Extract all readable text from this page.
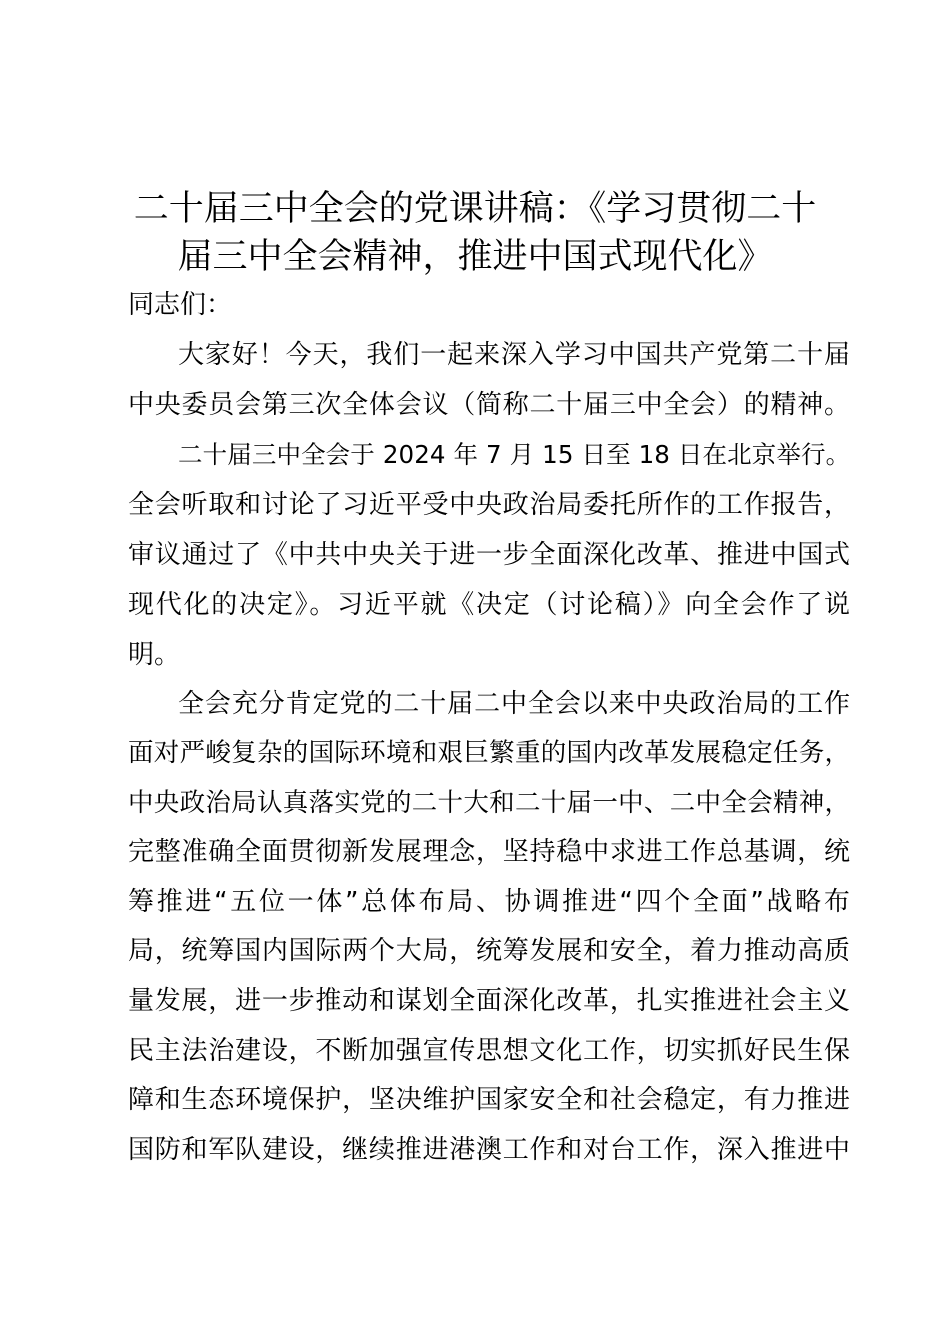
二十届三中全会的党课讲稿：《学习贯彻二十
届三中全会精神，推进中国式现代化》
同志们：
大家好！今天，我们一起来深入学习中国共产党第二十届
中央委员会第三次全体会议（简称二十届三中全会）的精神。
二十届三中全会于 2024 年 7 月 15 日至 18 日在北京举行。
全会听取和讨论了习近平受中央政治局委托所作的工作报告，
审议通过了《中共中央关于进一步全面深化改革、推进中国式
现代化的决定》。习近平就《决定（讨论稿）》向全会作了说
明。
全会充分肯定党的二十届二中全会以来中央政治局的工作
面对严峻复杂的国际环境和艰巨繁重的国内改革发展稳定任务，
中央政治局认真落实党的二十大和二十届一中、二中全会精神，
完整准确全面贯彻新发展理念，坚持稳中求进工作总基调，统
筹推进“五位一体”总体布局、协调推进“四个全面”战略布
局，统筹国内国际两个大局，统筹发展和安全，着力推动高质
量发展，进一步推动和谋划全面深化改革，扎实推进社会主义
民主法治建设，不断加强宣传思想文化工作，切实抓好民生保
障和生态环境保护，坚决维护国家安全和社会稳定，有力推进
国防和军队建设，继续推进港澳工作和对台工作，深入推进中
